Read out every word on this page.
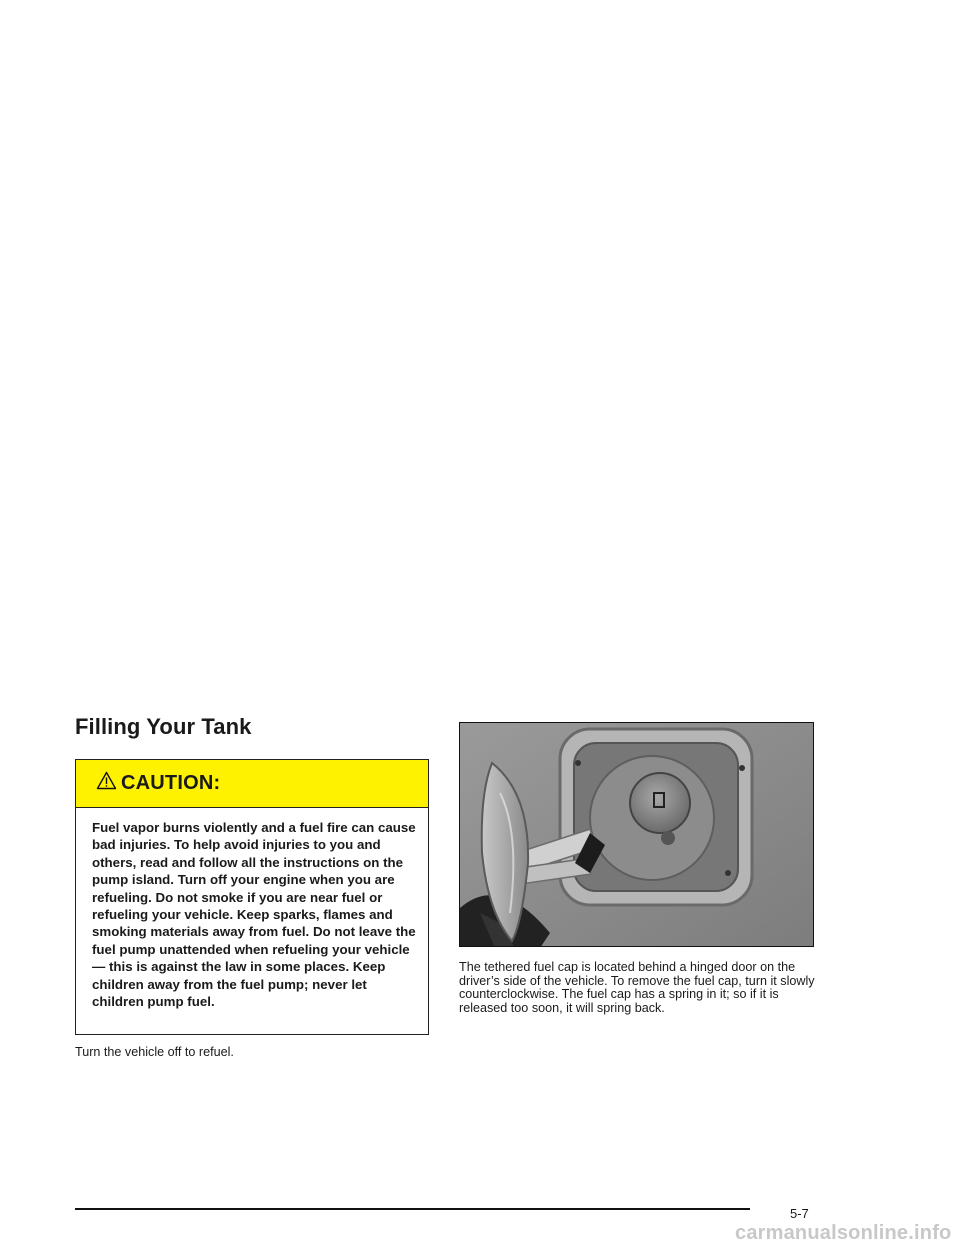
Filling Your Tank
CAUTION:

Fuel vapor burns violently and a fuel fire can cause bad injuries. To help avoid injuries to you and others, read and follow all the instructions on the pump island. Turn off your engine when you are refueling. Do not smoke if you are near fuel or refueling your vehicle. Keep sparks, flames and smoking materials away from fuel. Do not leave the fuel pump unattended when refueling your vehicle — this is against the law in some places. Keep children away from the fuel pump; never let children pump fuel.

Turn the vehicle off to refuel.

The tethered fuel cap is located behind a hinged door on the driver’s side of the vehicle. To remove the fuel cap, turn it slowly counterclockwise. The fuel cap has a spring in it; so if it is released too soon, it will spring back.

5-7
carmanualsonline.info
